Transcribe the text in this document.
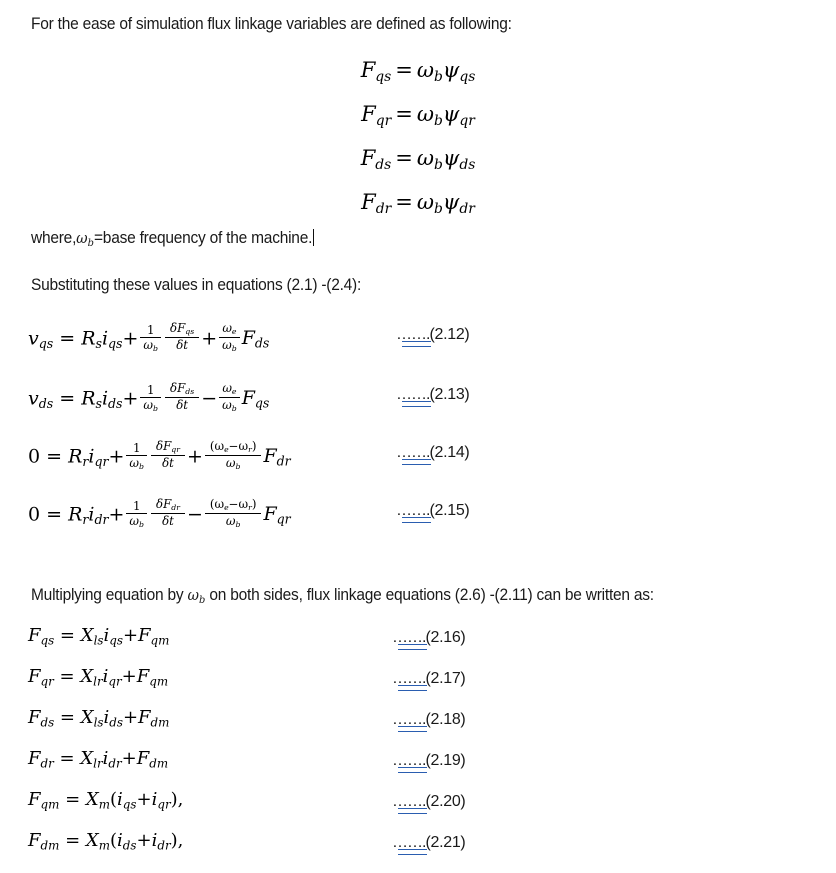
For the ease of simulation flux linkage variables are defined as following:
$F_{qs} = \omega_b\psi_{qs}$
$F_{qr} = \omega_b\psi_{qr}$
$F_{ds} = \omega_b\psi_{ds}$
$F_{dr} = \omega_b\psi_{dr}$
$where,\omega_b=base$ frequency of the machine.
Substituting these values in equations (2.1) -(2.4):
$v_{qs} = R_si_{qs}+ \frac{1}{\omega_b} \frac{\delta F_{qs}}{\delta t} + \frac{\omega_e}{\omega_b} F_{ds}$
…….
(2.12)
$v_{ds} = R_si_{ds}+ \frac{1}{\omega_b} \frac{\delta F_{ds}}{\delta t} - \frac{\omega_e}{\omega_b} F_{qs}$
…….
(2.13)
$0 = R_ri_{qr}+ \frac{1}{\omega_b} \frac{\delta F_{qr}}{\delta t} + \frac{(\omega_e-\omega_r)}{\omega_b} F_{dr}$
…….
(2.14)
$0 = R_ri_{dr}+ \frac{1}{\omega_b} \frac{\delta F_{dr}}{\delta t} - \frac{(\omega_e-\omega_r)}{\omega_b} F_{qr}$
…….
(2.15)
Multiplying equation by $\omega_b$ on both sides, flux linkage equations (2.6) -(2.11) can be written as:
$F_{qs} = X_{ls}i_{qs}+F_{qm}$	…….
(2.16)
$F_{qr} = X_{lr}i_{qr}+F_{qm}$	…….
(2.17)
$F_{ds} = X_{ls}i_{ds}+F_{dm}$	…….
(2.18)
$F_{dr} = X_{lr}i_{dr}+F_{dm}$	…….
(2.19)
$F_{qm} = X_m(i_{qs}+i_{qr})$,	…….
(2.20)
$F_{dm} = X_m(i_{ds}+i_{dr})$,	…….
(2.21)
